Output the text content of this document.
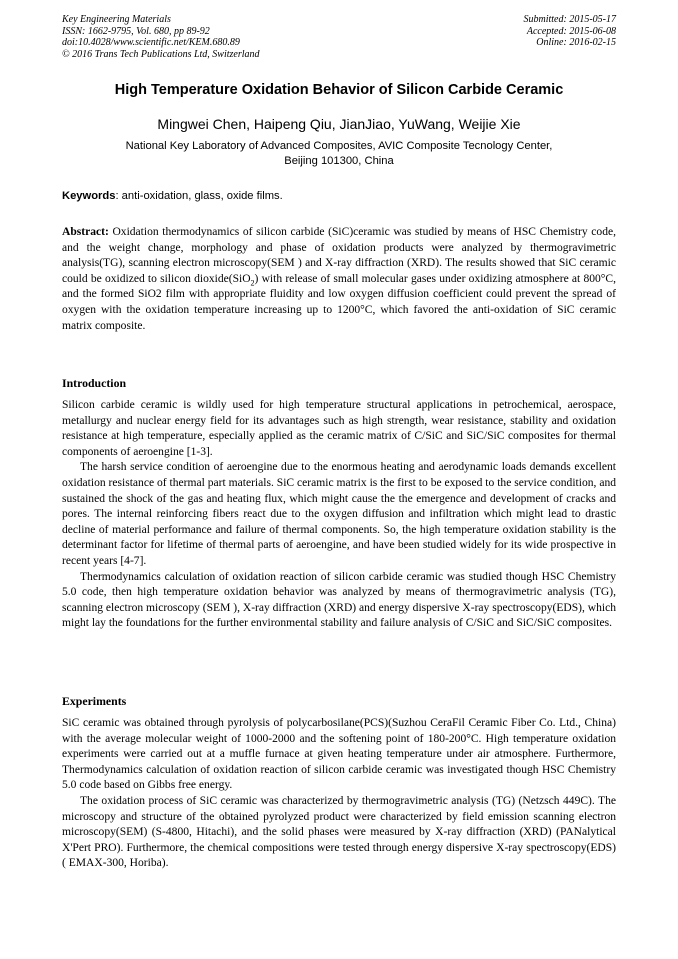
Key Engineering Materials
ISSN: 1662-9795, Vol. 680, pp 89-92
doi:10.4028/www.scientific.net/KEM.680.89
© 2016 Trans Tech Publications Ltd, Switzerland
Submitted: 2015-05-17
Accepted: 2015-06-08
Online: 2016-02-15
High Temperature Oxidation Behavior of Silicon Carbide Ceramic
Mingwei Chen, Haipeng Qiu, JianJiao, YuWang, Weijie Xie
National Key Laboratory of Advanced Composites, AVIC Composite Tecnology Center,
Beijing 101300, China
Keywords: anti-oxidation, glass, oxide films.

Abstract: Oxidation thermodynamics of silicon carbide (SiC)ceramic was studied by means of HSC Chemistry code, and the weight change, morphology and phase of oxidation products were analyzed by thermogravimetric analysis(TG), scanning electron microscopy(SEM ) and X-ray diffraction (XRD). The results showed that SiC ceramic could be oxidized to silicon dioxide(SiO$_2$) with release of small molecular gases under oxidizing atmosphere at 800°C, and the formed SiO2 film with appropriate fluidity and low oxygen diffusion coefficient could prevent the spread of oxygen with the oxidation temperature increasing up to 1200°C, which favored the anti-oxidation of SiC ceramic matrix composite.

Introduction

Silicon carbide ceramic is wildly used for high temperature structural applications in petrochemical, aerospace, metallurgy and nuclear energy field for its advantages such as high strength, wear resistance, stability and oxidation resistance at high temperature, especially applied as the ceramic matrix of C/SiC and SiC/SiC composites for thermal components of aeroengine [1-3].

The harsh service condition of aeroengine due to the enormous heating and aerodynamic loads demands excellent oxidation resistance of thermal part materials. SiC ceramic matrix is the first to be exposed to the service condition, and sustained the shock of the gas and heating flux, which might cause the the emergence and development of cracks and pores. The internal reinforcing fibers react due to the oxygen diffusion and infiltration which might lead to drastic decline of material performance and failure of thermal components. So, the high temperature oxidation stability is the determinant factor for lifetime of thermal parts of aeroengine, and have been studied widely for its wide prospective in recent years [4-7].

Thermodynamics calculation of oxidation reaction of silicon carbide ceramic was studied though HSC Chemistry 5.0 code, then high temperature oxidation behavior was analyzed by means of thermogravimetric analysis (TG), scanning electron microscopy (SEM ), X-ray diffraction (XRD) and energy dispersive X-ray spectroscopy(EDS), which might lay the foundations for the further environmental stability and failure analysis of C/SiC and SiC/SiC composites.

Experiments

SiC ceramic was obtained through pyrolysis of polycarbosilane(PCS)(Suzhou CeraFil Ceramic Fiber Co. Ltd., China) with the average molecular weight of 1000-2000 and the softening point of 180-200°C. High temperature oxidation experiments were carried out at a muffle furnace at given heating temperature under air atmosphere. Furthermore, Thermodynamics calculation of oxidation reaction of silicon carbide ceramic was investigated though HSC Chemistry 5.0 code based on Gibbs free energy.

The oxidation process of SiC ceramic was characterized by thermogravimetric analysis (TG) (Netzsch 449C). The microscopy and structure of the obtained pyrolyzed product were characterized by field emission scanning electron microscopy(SEM) (S-4800, Hitachi), and the solid phases were measured by X-ray diffraction (XRD) (PANalytical X'Pert PRO). Furthermore, the chemical compositions were tested through energy dispersive X-ray spectroscopy(EDS) ( EMAX-300, Horiba).
